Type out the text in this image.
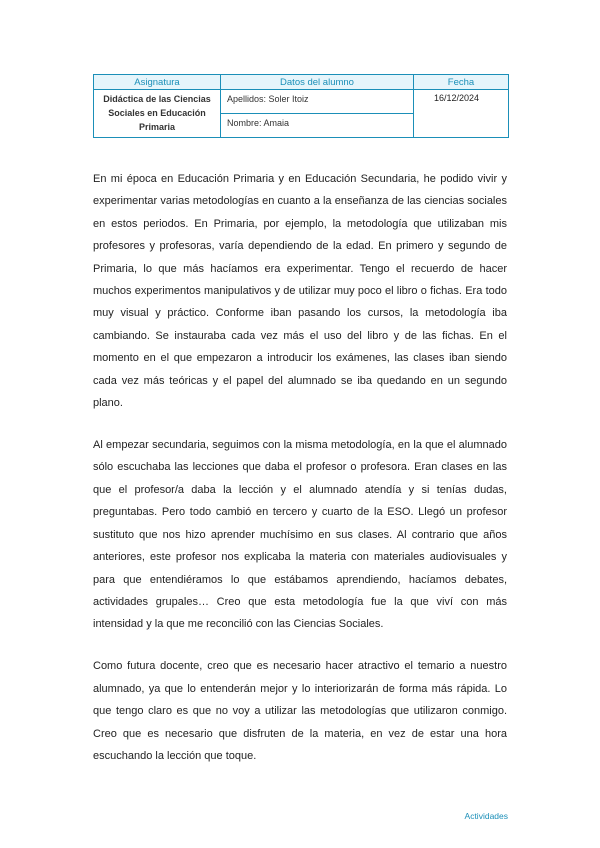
Asignatura	Datos del alumno	Fecha
Didáctica de las Ciencias Sociales en Educación Primaria	Apellidos: Soler Itoiz	16/12/2024
	Nombre: Amaia	

En mi época en Educación Primaria y en Educación Secundaria, he podido vivir y experimentar varias metodologías en cuanto a la enseñanza de las ciencias sociales en estos periodos. En Primaria, por ejemplo, la metodología que utilizaban mis profesores y profesoras, varía dependiendo de la edad. En primero y segundo de Primaria, lo que más hacíamos era experimentar. Tengo el recuerdo de hacer muchos experimentos manipulativos y de utilizar muy poco el libro o fichas. Era todo muy visual y práctico. Conforme iban pasando los cursos, la metodología iba cambiando. Se instauraba cada vez más el uso del libro y de las fichas. En el momento en el que empezaron a introducir los exámenes, las clases iban siendo cada vez más teóricas y el papel del alumnado se iba quedando en un segundo plano.

Al empezar secundaria, seguimos con la misma metodología, en la que el alumnado sólo escuchaba las lecciones que daba el profesor o profesora. Eran clases en las que el profesor/a daba la lección y el alumnado atendía y si tenías dudas, preguntabas. Pero todo cambió en tercero y cuarto de la ESO. Llegó un profesor sustituto que nos hizo aprender muchísimo en sus clases. Al contrario que años anteriores, este profesor nos explicaba la materia con materiales audiovisuales y para que entendiéramos lo que estábamos aprendiendo, hacíamos debates, actividades grupales… Creo que esta metodología fue la que viví con más intensidad y la que me reconcilió con las Ciencias Sociales.

Como futura docente, creo que es necesario hacer atractivo el temario a nuestro alumnado, ya que lo entenderán mejor y lo interiorizarán de forma más rápida. Lo que tengo claro es que no voy a utilizar las metodologías que utilizaron conmigo. Creo que es necesario que disfruten de la materia, en vez de estar una hora escuchando la lección que toque.

Actividades
